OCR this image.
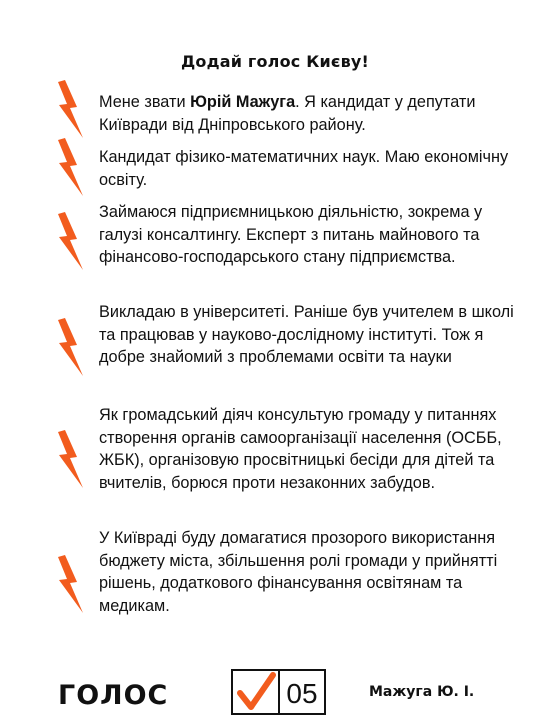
Додай голос Києву!

Мене звати Юрій Мажуга. Я кандидат у депутати Київради від Дніпровського району.

Кандидат фізико-математичних наук. Маю економічну освіту.

Займаюся підприємницькою діяльністю, зокрема у галузі консалтингу. Експерт з питань майнового та фінансово-господарського стану підприємства.

Викладаю в університеті. Раніше був учителем в школі та працював у науково-дослідному інституті. Тож я добре знайомий з проблемами освіти та науки

Як громадський діяч консультую громаду у питаннях створення органів самоорганізації населення (ОСББ, ЖБК), організовую просвітницькі бесіди для дітей та вчителів, борюся проти незаконних забудов.

У Київраді буду домагатися прозорого використання бюджету міста, збільшення ролі громади у прийнятті рішень, додаткового фінансування освітянам та медикам.

ГОЛОС	05	Мажуга Ю. І.
